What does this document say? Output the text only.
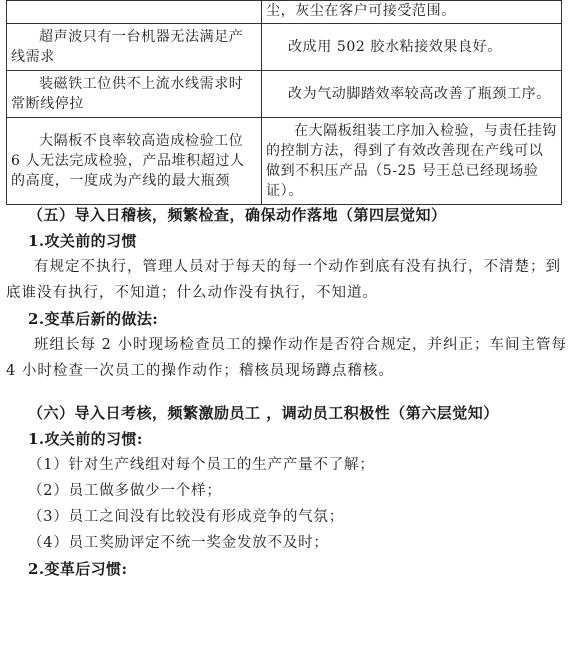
	尘，灰尘在客户可接受范围。
超声波只有一台机器无法满足产线需求	改成用 502 胶水粘接效果良好。
装磁铁工位供不上流水线需求时常断线停拉	改为气动脚踏效率较高改善了瓶颈工序。
大隔板不良率较高造成检验工位 6 人无法完成检验，产品堆积超过人的高度，一度成为产线的最大瓶颈	在大隔板组装工序加入检验，与责任挂钩的控制方法，得到了有效改善现在产线可以做到不积压产品（5-25 号王总已经现场验证）。
（五）导入日稽核，频繁检查，确保动作落地（第四层觉知）
1.攻关前的习惯
有规定不执行，管理人员对于每天的每一个动作到底有没有执行，不清楚；到底谁没有执行，不知道；什么动作没有执行，不知道。
2.变革后新的做法:
班组长每 2 小时现场检查员工的操作动作是否符合规定，并纠正；车间主管每 4 小时检查一次员工的操作动作；稽核员现场蹲点稽核。
（六）导入日考核，频繁激励员工 ，调动员工积极性（第六层觉知）
1.攻关前的习惯:
（1）针对生产线组对每个员工的生产产量不了解；
（2）员工做多做少一个样；
（3）员工之间没有比较没有形成竞争的气氛；
（4）员工奖励评定不统一奖金发放不及时；
2.变革后习惯:
